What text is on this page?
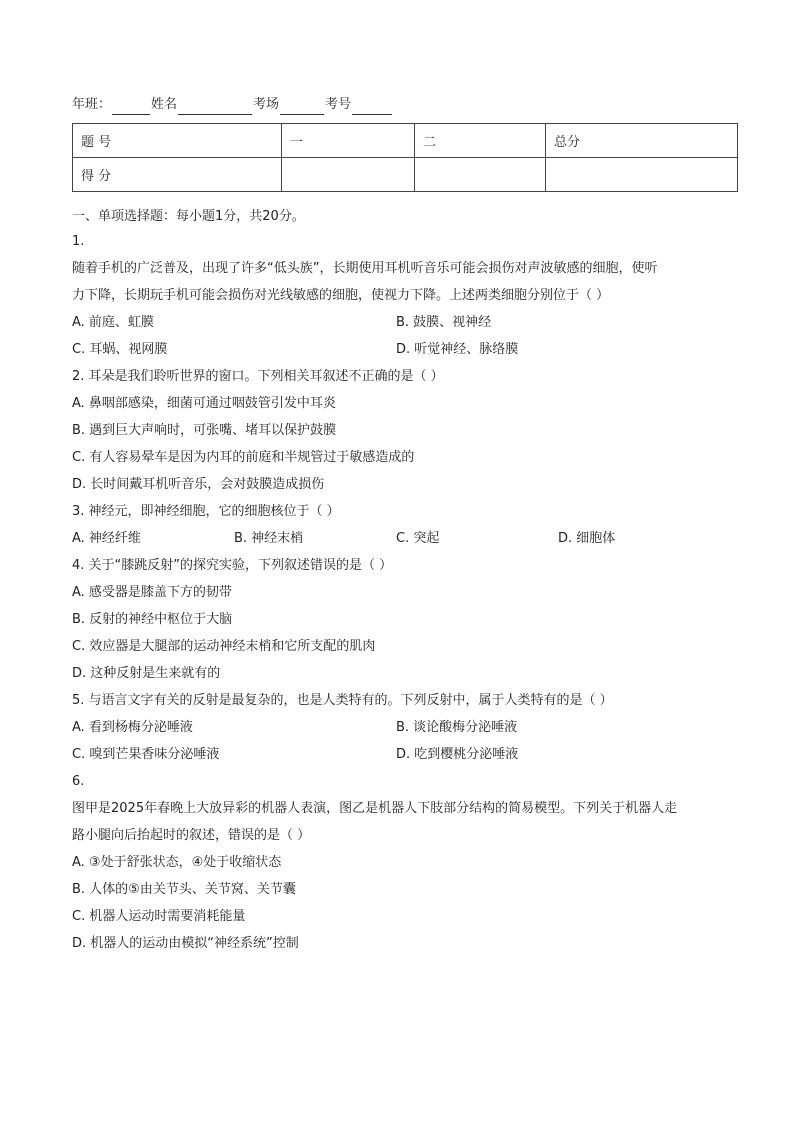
年班：	姓名	考场	考号
题 号	一	二	总分
得 分			
一、单项选择题：每小题1分，共20分。
1.
随着手机的广泛普及，出现了许多“低头族”，长期使用耳机听音乐可能会损伤对声波敏感的细胞，使听
力下降，长期玩手机可能会损伤对光线敏感的细胞，使视力下降。上述两类细胞分别位于（ ）
A. 前庭、虹膜	B. 鼓膜、视神经
C. 耳蜗、视网膜	D. 听觉神经、脉络膜
2. 耳朵是我们聆听世界的窗口。下列相关耳叙述不正确的是（ ）
A. 鼻咽部感染，细菌可通过咽鼓管引发中耳炎
B. 遇到巨大声响时，可张嘴、堵耳以保护鼓膜
C. 有人容易晕车是因为内耳的前庭和半规管过于敏感造成的
D. 长时间戴耳机听音乐，会对鼓膜造成损伤
3. 神经元，即神经细胞，它的细胞核位于（ ）
A. 神经纤维	B. 神经末梢	C. 突起	D. 细胞体
4. 关于“膝跳反射”的探究实验，下列叙述错误的是（ ）
A. 感受器是膝盖下方的韧带
B. 反射的神经中枢位于大脑
C. 效应器是大腿部的运动神经末梢和它所支配的肌肉
D. 这种反射是生来就有的
5. 与语言文字有关的反射是最复杂的，也是人类特有的。下列反射中，属于人类特有的是（ ）
A. 看到杨梅分泌唾液	B. 谈论酸梅分泌唾液
C. 嗅到芒果香味分泌唾液	D. 吃到樱桃分泌唾液
6.
图甲是2025年春晚上大放异彩的机器人表演，图乙是机器人下肢部分结构的简易模型。下列关于机器人走
路小腿向后抬起时的叙述，错误的是（ ）
A. ③处于舒张状态，④处于收缩状态
B. 人体的⑤由关节头、关节窝、关节囊
C. 机器人运动时需要消耗能量
D. 机器人的运动由模拟“神经系统”控制
